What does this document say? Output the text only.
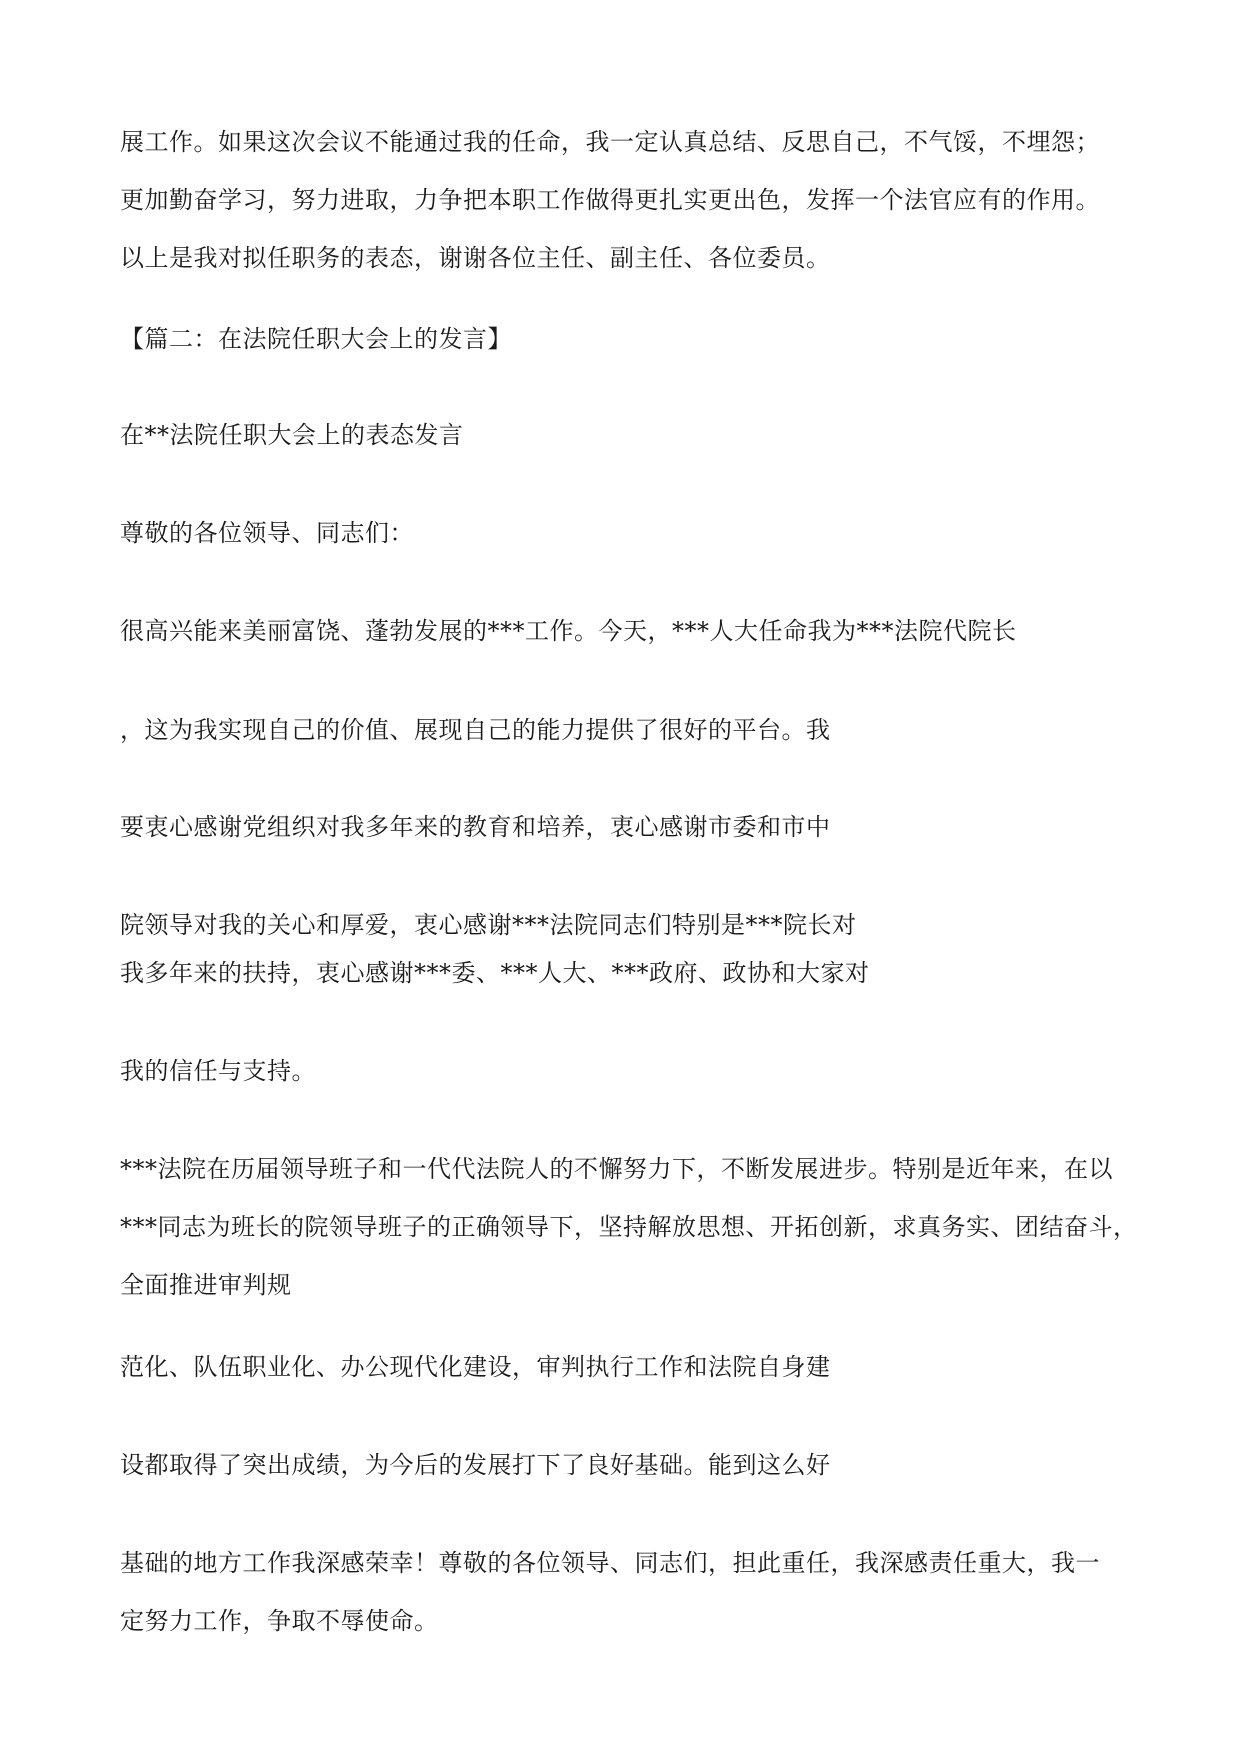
展工作。如果这次会议不能通过我的任命，我一定认真总结、反思自己，不气馁，不埋怨；
更加勤奋学习，努力进取，力争把本职工作做得更扎实更出色，发挥一个法官应有的作用。
以上是我对拟任职务的表态，谢谢各位主任、副主任、各位委员。
【篇二：在法院任职大会上的发言】
在**法院任职大会上的表态发言
尊敬的各位领导、同志们：
很高兴能来美丽富饶、蓬勃发展的***工作。今天，***人大任命我为***法院代院长
，这为我实现自己的价值、展现自己的能力提供了很好的平台。我
要衷心感谢党组织对我多年来的教育和培养，衷心感谢市委和市中
院领导对我的关心和厚爱，衷心感谢***法院同志们特别是***院长对
我多年来的扶持，衷心感谢***委、***人大、***政府、政协和大家对
我的信任与支持。
***法院在历届领导班子和一代代法院人的不懈努力下，不断发展进步。特别是近年来，在以
***同志为班长的院领导班子的正确领导下，坚持解放思想、开拓创新，求真务实、团结奋斗，
全面推进审判规
范化、队伍职业化、办公现代化建设，审判执行工作和法院自身建
设都取得了突出成绩，为今后的发展打下了良好基础。能到这么好
基础的地方工作我深感荣幸！尊敬的各位领导、同志们，担此重任，我深感责任重大，我一
定努力工作，争取不辱使命。
